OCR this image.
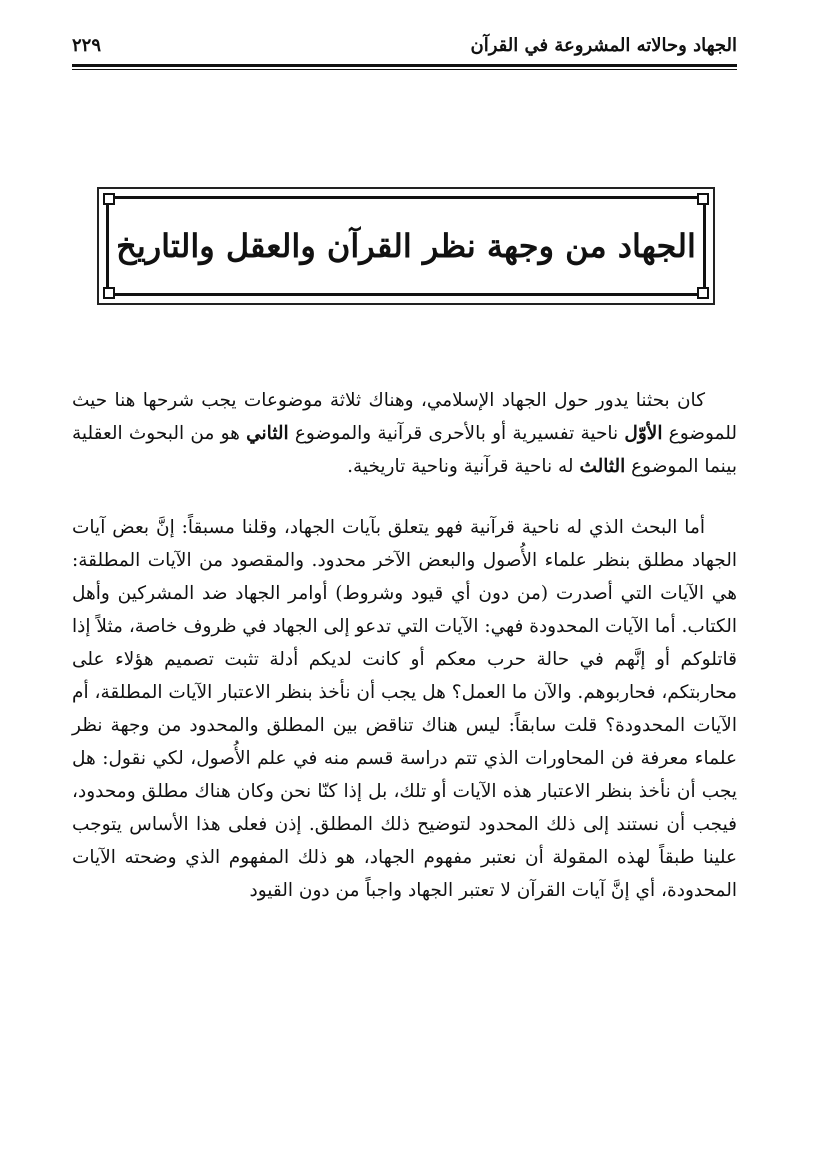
الجهاد وحالاته المشروعة في القرآن
٢٢٩
الجهاد من وجهة نظر القرآن والعقل والتاريخ

كان بحثنا يدور حول الجهاد الإسلامي، وهناك ثلاثة موضوعات يجب شرحها هنا حيث للموضوع الأوّل ناحية تفسيرية أو بالأحرى قرآنية والموضوع الثاني هو من البحوث العقلية بينما الموضوع الثالث له ناحية قرآنية وناحية تاريخية.

أما البحث الذي له ناحية قرآنية فهو يتعلق بآيات الجهاد، وقلنا مسبقاً: إنَّ بعض آيات الجهاد مطلق بنظر علماء الأُصول والبعض الآخر محدود. والمقصود من الآيات المطلقة: هي الآيات التي أصدرت (من دون أي قيود وشروط) أوامر الجهاد ضد المشركين وأهل الكتاب. أما الآيات المحدودة فهي: الآيات التي تدعو إلى الجهاد في ظروف خاصة، مثلاً إذا قاتلوكم أو إنَّهم في حالة حرب معكم أو كانت لديكم أدلة تثبت تصميم هؤلاء على محاربتكم، فحاربوهم. والآن ما العمل؟ هل يجب أن نأخذ بنظر الاعتبار الآيات المطلقة، أم الآيات المحدودة؟ قلت سابقاً: ليس هناك تناقض بين المطلق والمحدود من وجهة نظر علماء معرفة فن المحاورات الذي تتم دراسة قسم منه في علم الأُصول، لكي نقول: هل يجب أن نأخذ بنظر الاعتبار هذه الآيات أو تلك، بل إذا كنّا نحن وكان هناك مطلق ومحدود، فيجب أن نستند إلى ذلك المحدود لتوضيح ذلك المطلق. إذن فعلى هذا الأساس يتوجب علينا طبقاً لهذه المقولة أن نعتبر مفهوم الجهاد، هو ذلك المفهوم الذي وضحته الآيات المحدودة، أي إنَّ آيات القرآن لا تعتبر الجهاد واجباً من دون القيود
